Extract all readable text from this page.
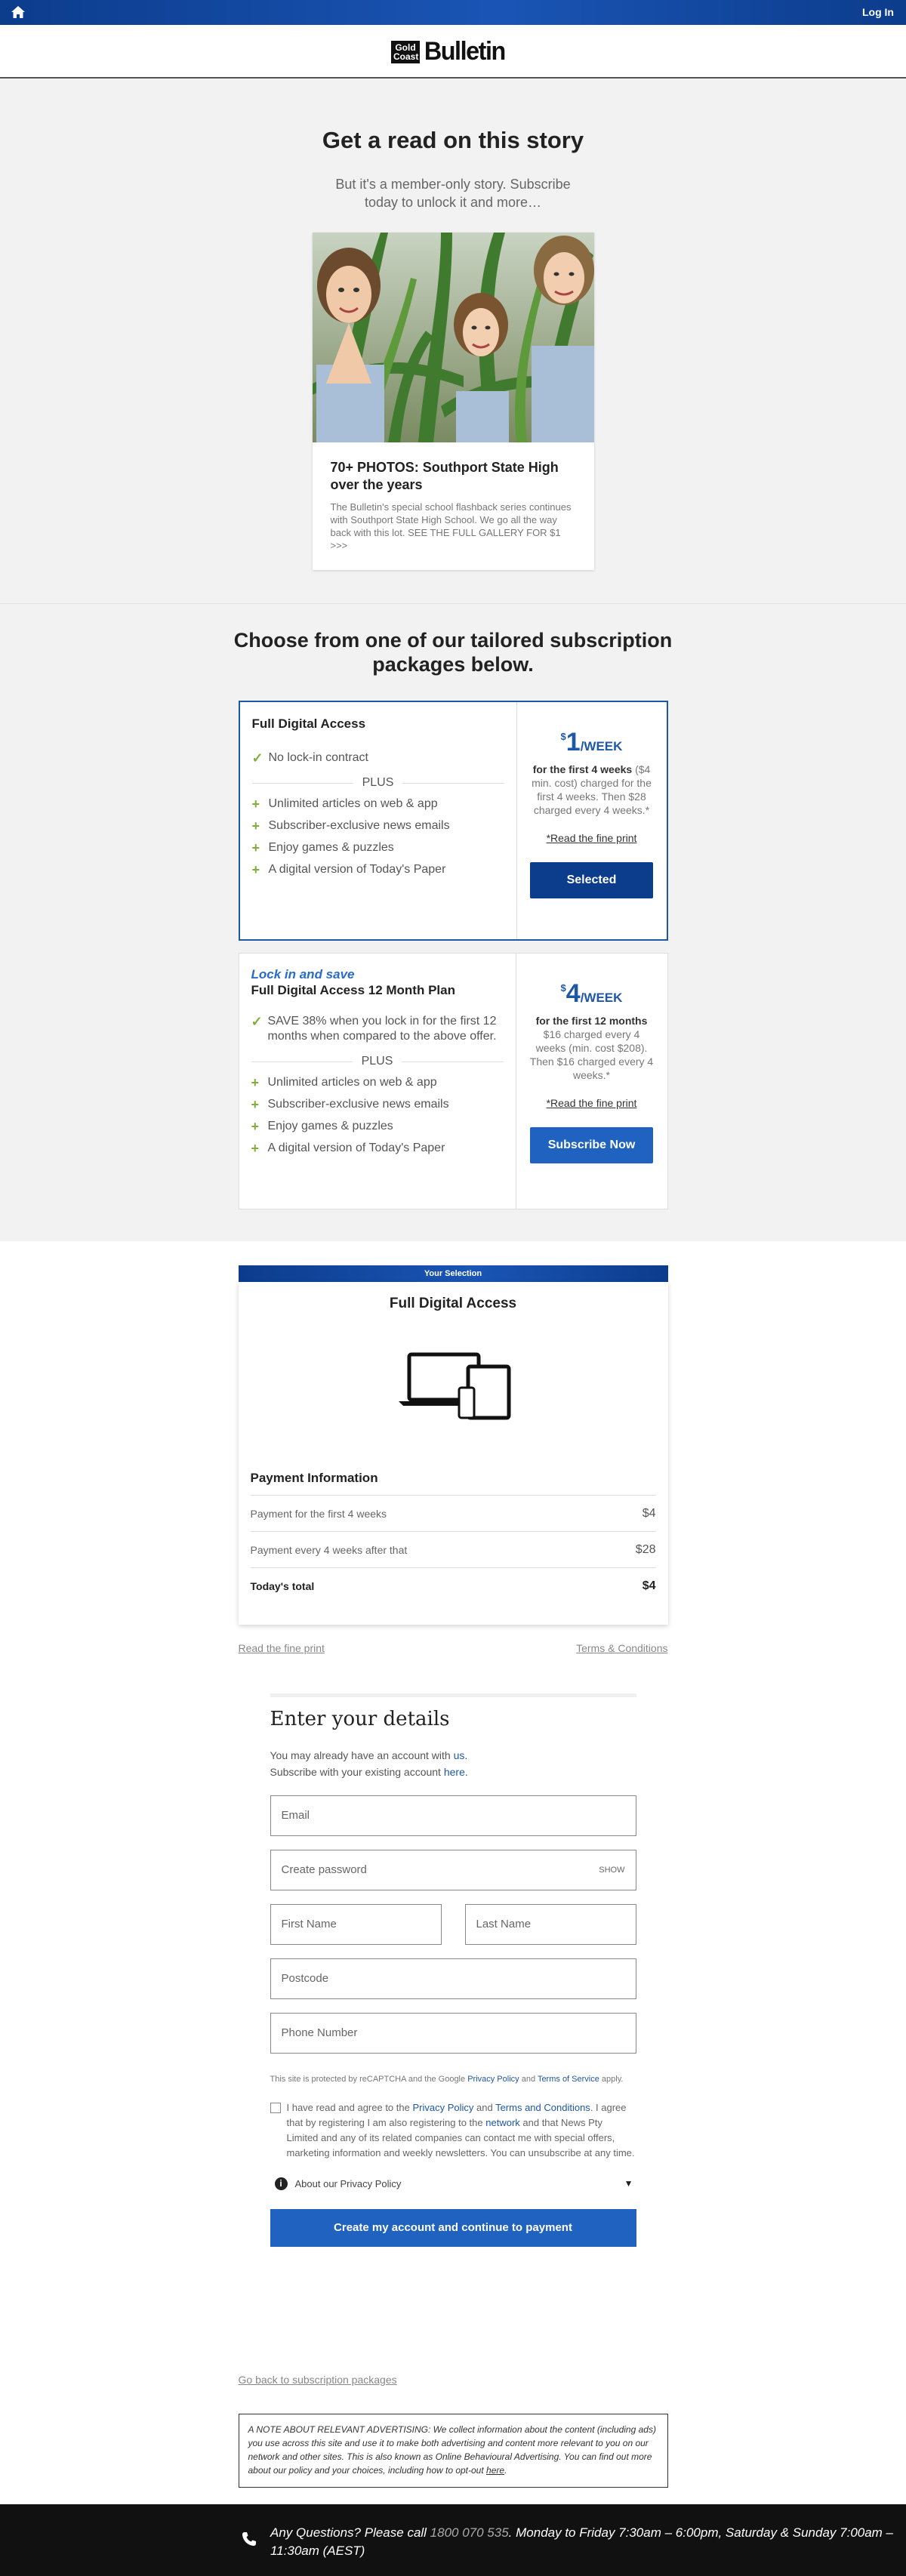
Log In
Gold Coast Bulletin
Get a read on this story

But it's a member-only story. Subscribe today to unlock it and more…

70+ PHOTOS: Southport State High over the years
The Bulletin's special school flashback series continues with Southport State High School. We go all the way back with this lot. SEE THE FULL GALLERY FOR $1 >>>
Choose from one of our tailored subscription packages below.
Full Digital Access
✓ No lock-in contract
PLUS
+ Unlimited articles on web & app
+ Subscriber-exclusive news emails
+ Enjoy games & puzzles
+ A digital version of Today's Paper
$1/WEEK
for the first 4 weeks ($4 min. cost) charged for the first 4 weeks. Then $28 charged every 4 weeks.*
*Read the fine print
Selected
Lock in and save
Full Digital Access 12 Month Plan
✓ SAVE 38% when you lock in for the first 12 months when compared to the above offer.
PLUS
+ Unlimited articles on web & app
+ Subscriber-exclusive news emails
+ Enjoy games & puzzles
+ A digital version of Today's Paper
$4/WEEK
for the first 12 months
$16 charged every 4 weeks (min. cost $208). Then $16 charged every 4 weeks.*
*Read the fine print
Subscribe Now
Your Selection
Full Digital Access
Payment Information
Payment for the first 4 weeks	$4
Payment every 4 weeks after that	$28
Today's total	$4
Read the fine print	Terms & Conditions
Enter your details
You may already have an account with us.
Subscribe with your existing account here.
Email
Create password	SHOW
First Name	Last Name
Postcode
Phone Number
This site is protected by reCAPTCHA and the Google Privacy Policy and Terms of Service apply.
I have read and agree to the Privacy Policy and Terms and Conditions. I agree that by registering I am also registering to the network and that News Pty Limited and any of its related companies can contact me with special offers, marketing information and weekly newsletters. You can unsubscribe at any time.
i	About our Privacy Policy	▼
Create my account and continue to payment
Go back to subscription packages
A NOTE ABOUT RELEVANT ADVERTISING: We collect information about the content (including ads) you use across this site and use it to make both advertising and content more relevant to you on our network and other sites. This is also known as Online Behavioural Advertising. You can find out more about our policy and your choices, including how to opt-out here.
Any Questions? Please call 1800 070 535. Monday to Friday 7:30am – 6:00pm, Saturday & Sunday 7:00am – 11:30am (AEST)
